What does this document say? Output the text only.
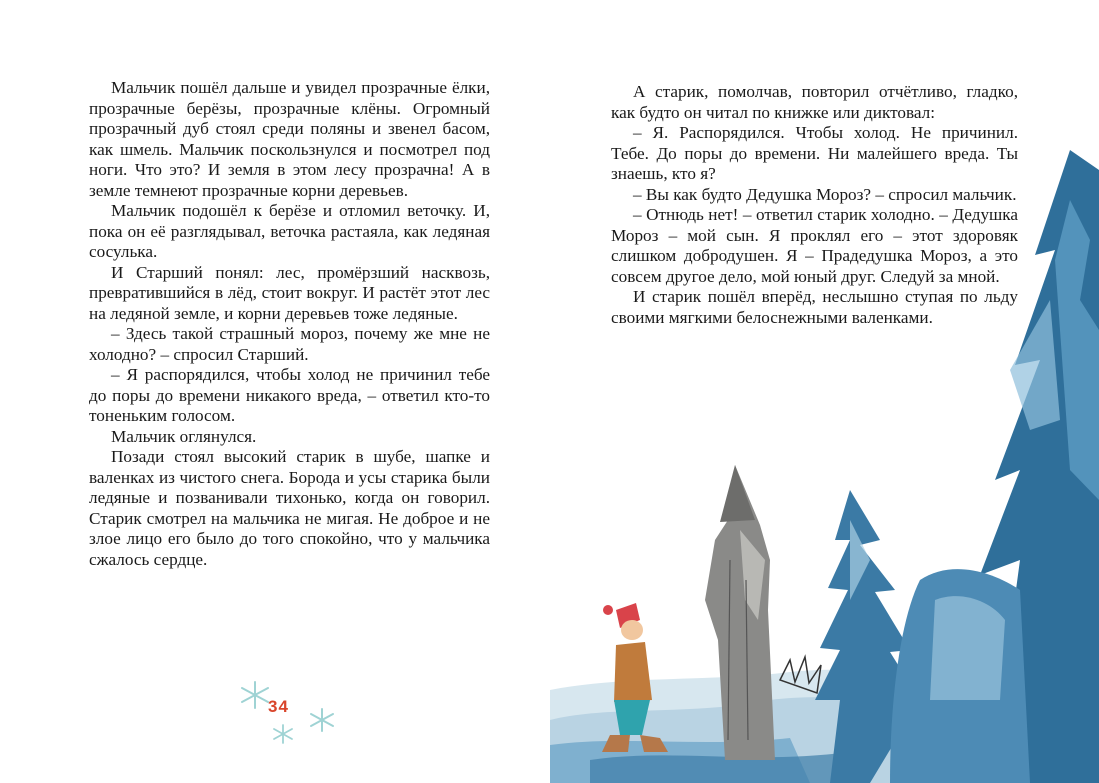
Мальчик пошёл дальше и увидел прозрачные ёлки, прозрачные берёзы, прозрачные клёны. Огромный прозрачный дуб стоял среди поляны и звенел басом, как шмель. Мальчик поскользнулся и посмотрел под ноги. Что это? И земля в этом лесу прозрачна! А в земле темнеют прозрачные корни деревьев.

Мальчик подошёл к берёзе и отломил веточку. И, пока он её разглядывал, веточка растаяла, как ледяная сосулька.

И Старший понял: лес, промёрзший насквозь, превратившийся в лёд, стоит вокруг. И растёт этот лес на ледяной земле, и корни деревьев тоже ледяные.

– Здесь такой страшный мороз, почему же мне не холодно? – спросил Старший.

– Я распорядился, чтобы холод не причинил тебе до поры до времени никакого вреда, – ответил кто-то тоненьким голосом.

Мальчик оглянулся.

Позади стоял высокий старик в шубе, шапке и валенках из чистого снега. Борода и усы старика были ледяные и позванивали тихонько, когда он говорил. Старик смотрел на мальчика не мигая. Не доброе и не злое лицо его было до того спокойно, что у мальчика сжалось сердце.

34

А старик, помолчав, повторил отчётливо, гладко, как будто он читал по книжке или диктовал:

– Я. Распорядился. Чтобы холод. Не причинил. Тебе. До поры до времени. Ни малейшего вреда. Ты знаешь, кто я?

– Вы как будто Дедушка Мороз? – спросил мальчик.

– Отнюдь нет! – ответил старик холодно. – Дедушка Мороз – мой сын. Я проклял его – этот здоровяк слишком добродушен. Я – Прадедушка Мороз, а это совсем другое дело, мой юный друг. Следуй за мной.

И старик пошёл вперёд, неслышно ступая по льду своими мягкими белоснежными валенками.
